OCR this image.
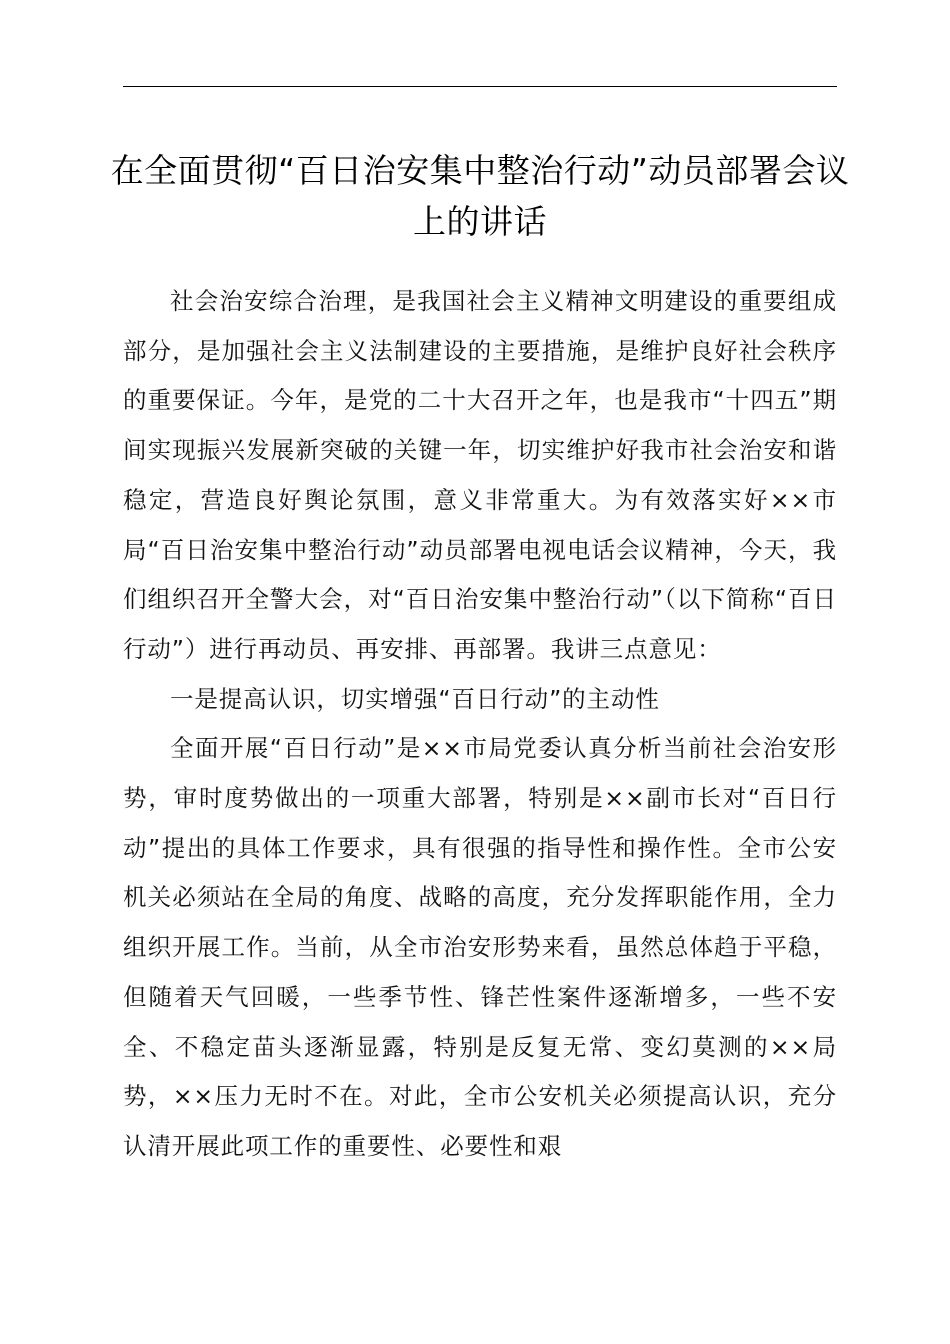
在全面贯彻“百日治安集中整治行动”动员部署会议上的讲话

社会治安综合治理，是我国社会主义精神文明建设的重要组成部分，是加强社会主义法制建设的主要措施，是维护良好社会秩序的重要保证。今年，是党的二十大召开之年，也是我市“十四五”期间实现振兴发展新突破的关键一年，切实维护好我市社会治安和谐稳定，营造良好舆论氛围，意义非常重大。为有效落实好××市局“百日治安集中整治行动”动员部署电视电话会议精神，今天，我们组织召开全警大会，对“百日治安集中整治行动”（以下简称“百日行动”）进行再动员、再安排、再部署。我讲三点意见：

一是提高认识，切实增强“百日行动”的主动性

全面开展“百日行动”是××市局党委认真分析当前社会治安形势，审时度势做出的一项重大部署，特别是××副市长对“百日行动”提出的具体工作要求，具有很强的指导性和操作性。全市公安机关必须站在全局的角度、战略的高度，充分发挥职能作用，全力组织开展工作。当前，从全市治安形势来看，虽然总体趋于平稳，但随着天气回暖，一些季节性、锋芒性案件逐渐增多，一些不安全、不稳定苗头逐渐显露，特别是反复无常、变幻莫测的××局势，××压力无时不在。对此，全市公安机关必须提高认识，充分认清开展此项工作的重要性、必要性和艰
